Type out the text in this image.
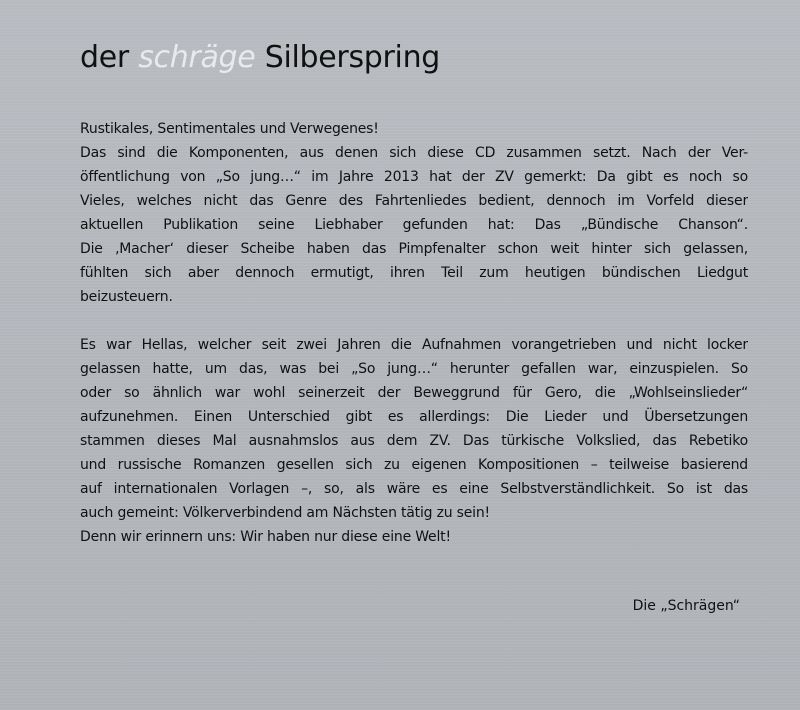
der schräge Silberspring
Rustikales, Sentimentales und Verwegenes!
Das sind die Komponenten, aus denen sich diese CD zusammen setzt. Nach der Ver-
öffentlichung von „So jung…“ im Jahre 2013 hat der ZV gemerkt: Da gibt es noch so
Vieles, welches nicht das Genre des Fahrtenliedes bedient, dennoch im Vorfeld dieser
aktuellen Publikation seine Liebhaber gefunden hat: Das „Bündische Chanson“.
Die ‚Macher‘ dieser Scheibe haben das Pimpfenalter schon weit hinter sich gelassen,
fühlten sich aber dennoch ermutigt, ihren Teil zum heutigen bündischen Liedgut
beizusteuern.
Es war Hellas, welcher seit zwei Jahren die Aufnahmen vorangetrieben und nicht locker
gelassen hatte, um das, was bei „So jung…“ herunter gefallen war, einzuspielen. So
oder so ähnlich war wohl seinerzeit der Beweggrund für Gero, die „Wohlseinslieder“
aufzunehmen. Einen Unterschied gibt es allerdings: Die Lieder und Übersetzungen
stammen dieses Mal ausnahmslos aus dem ZV. Das türkische Volkslied, das Rebetiko
und russische Romanzen gesellen sich zu eigenen Kompositionen – teilweise basierend
auf internationalen Vorlagen –, so, als wäre es eine Selbstverständlichkeit. So ist das
auch gemeint: Völkerverbindend am Nächsten tätig zu sein!
Denn wir erinnern uns: Wir haben nur diese eine Welt!
Die „Schrägen“
